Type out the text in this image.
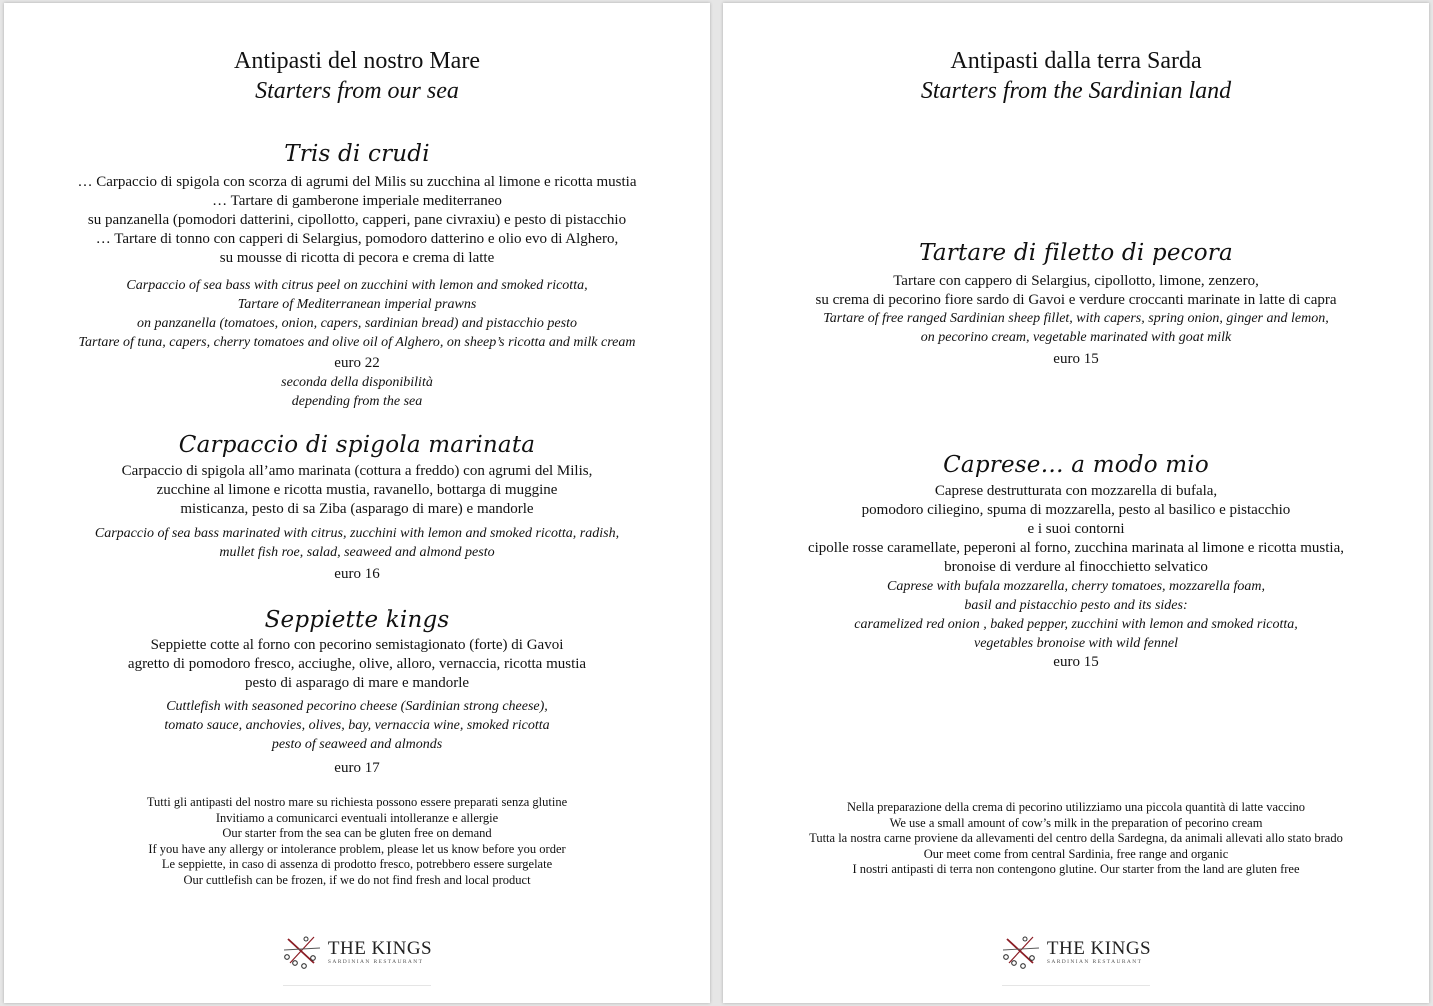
Antipasti del nostro Mare
Starters from our sea
Tris di crudi
… Carpaccio di spigola con scorza di agrumi del Milis su zucchina al limone e ricotta mustia
… Tartare di gamberone imperiale mediterraneo
su panzanella (pomodori datterini, cipollotto, capperi, pane civraxiu) e pesto di pistacchio
… Tartare di tonno con capperi di Selargius, pomodoro datterino e olio evo di Alghero,
su mousse di ricotta di pecora e crema di latte
Carpaccio of sea bass with citrus peel on zucchini with lemon and smoked ricotta,
Tartare of Mediterranean imperial prawns
on panzanella (tomatoes, onion, capers, sardinian bread) and pistacchio pesto
Tartare of tuna, capers, cherry tomatoes and olive oil of Alghero, on sheep’s ricotta and milk cream
euro 22
seconda della disponibilità
depending from the sea
Carpaccio di spigola marinata
Carpaccio di spigola all’amo marinata (cottura a freddo) con agrumi del Milis,
zucchine al limone e ricotta mustia, ravanello, bottarga di muggine
misticanza, pesto di sa Ziba (asparago di mare) e mandorle
Carpaccio of sea bass marinated with citrus, zucchini with lemon and smoked ricotta, radish,
mullet fish roe, salad, seaweed and almond pesto
euro 16
Seppiette kings
Seppiette cotte al forno con pecorino semistagionato (forte) di Gavoi
agretto di pomodoro fresco, acciughe, olive, alloro, vernaccia, ricotta mustia
pesto di asparago di mare e mandorle
Cuttlefish with seasoned pecorino cheese (Sardinian strong cheese),
tomato sauce, anchovies, olives, bay, vernaccia wine, smoked ricotta
pesto of seaweed and almonds
euro 17
Tutti gli antipasti del nostro mare su richiesta possono essere preparati senza glutine
Invitiamo a comunicarci eventuali intolleranze e allergie
Our starter from the sea can be gluten free on demand
If you have any allergy or intolerance problem, please let us know before you order
Le seppiette, in caso di assenza di prodotto fresco, potrebbero essere surgelate
Our cuttlefish can be frozen, if we do not find fresh and local product
THE KINGS
SARDINIAN RESTAURANT
Antipasti dalla terra Sarda
Starters from the Sardinian land
Tartare di filetto di pecora
Tartare con cappero di Selargius, cipollotto, limone, zenzero,
su crema di pecorino fiore sardo di Gavoi e verdure croccanti marinate in latte di capra
Tartare of free ranged Sardinian sheep fillet, with capers, spring onion, ginger and lemon,
on pecorino cream, vegetable marinated with goat milk
euro 15
Caprese… a modo mio
Caprese destrutturata con mozzarella di bufala,
pomodoro ciliegino, spuma di mozzarella, pesto al basilico e pistacchio
e i suoi contorni
cipolle rosse caramellate, peperoni al forno, zucchina marinata al limone e ricotta mustia,
bronoise di verdure al finocchietto selvatico
Caprese with bufala mozzarella, cherry tomatoes, mozzarella foam,
basil and pistacchio pesto and its sides:
caramelized red onion , baked pepper, zucchini with lemon and smoked ricotta,
vegetables bronoise with wild fennel
euro 15
Nella preparazione della crema di pecorino utilizziamo una piccola quantità di latte vaccino
We use a small amount of cow’s milk in the preparation of pecorino cream
Tutta la nostra carne proviene da allevamenti del centro della Sardegna, da animali allevati allo stato brado
Our meet come from central Sardinia, free range and organic
I nostri antipasti di terra non contengono glutine. Our starter from the land are gluten free
THE KINGS
SARDINIAN RESTAURANT
